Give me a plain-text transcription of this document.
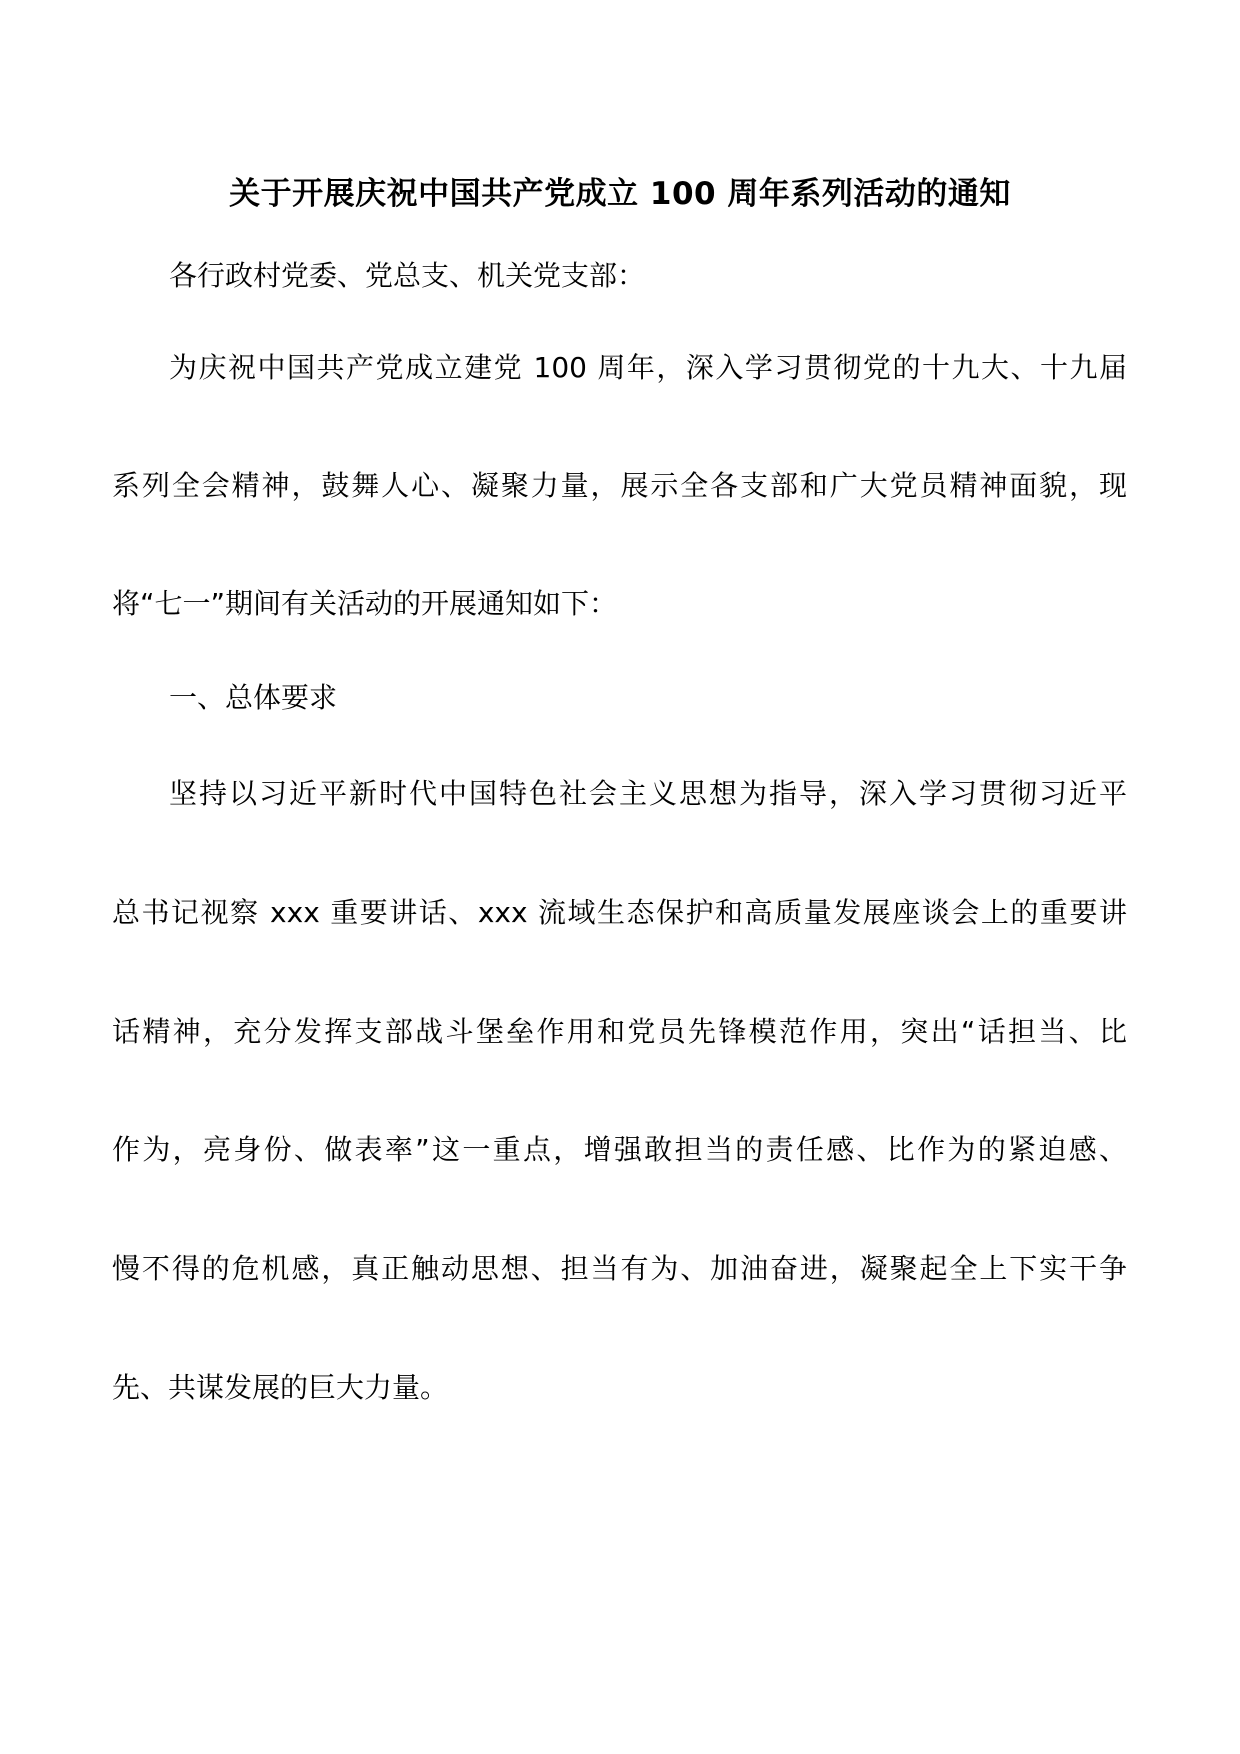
关于开展庆祝中国共产党成立 100 周年系列活动的通知
各行政村党委、党总支、机关党支部：
为庆祝中国共产党成立建党 100 周年，深入学习贯彻党的十九大、十九届
系列全会精神，鼓舞人心、凝聚力量，展示全各支部和广大党员精神面貌，现
将“七一”期间有关活动的开展通知如下：
一、总体要求
坚持以习近平新时代中国特色社会主义思想为指导，深入学习贯彻习近平
总书记视察 xxx 重要讲话、xxx 流域生态保护和高质量发展座谈会上的重要讲
话精神，充分发挥支部战斗堡垒作用和党员先锋模范作用，突出“话担当、比
作为，亮身份、做表率”这一重点，增强敢担当的责任感、比作为的紧迫感、
慢不得的危机感，真正触动思想、担当有为、加油奋进，凝聚起全上下实干争
先、共谋发展的巨大力量。
